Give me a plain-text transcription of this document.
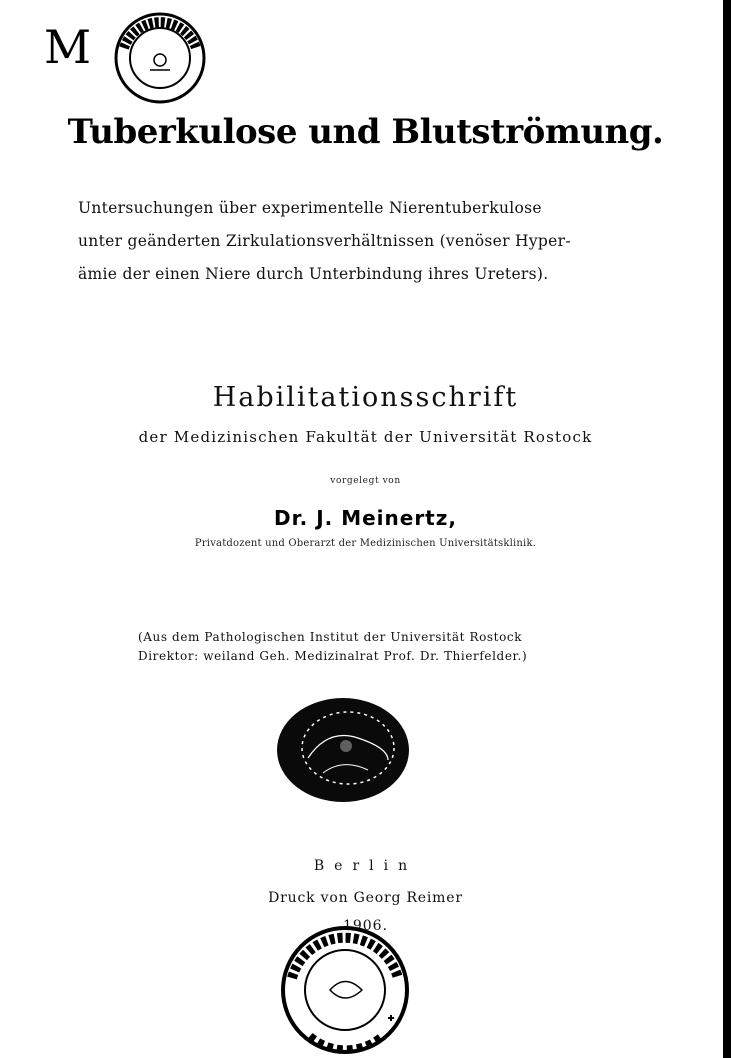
M
Tuberkulose und Blutströmung.
Untersuchungen über experimentelle Nierentuberkulose
unter geänderten Zirkulationsverhältnissen (venöser Hyper-
ämie der einen Niere durch Unterbindung ihres Ureters).
Habilitationsschrift
der Medizinischen Fakultät der Universität Rostock
vorgelegt von
Dr. J. Meinertz,
Privatdozent und Oberarzt der Medizinischen Universitätsklinik.
(Aus dem Pathologischen Institut der Universität Rostock
Direktor: weiland Geh. Medizinalrat Prof. Dr. Thierfelder.)
Berlin
Druck von Georg Reimer
1906.
